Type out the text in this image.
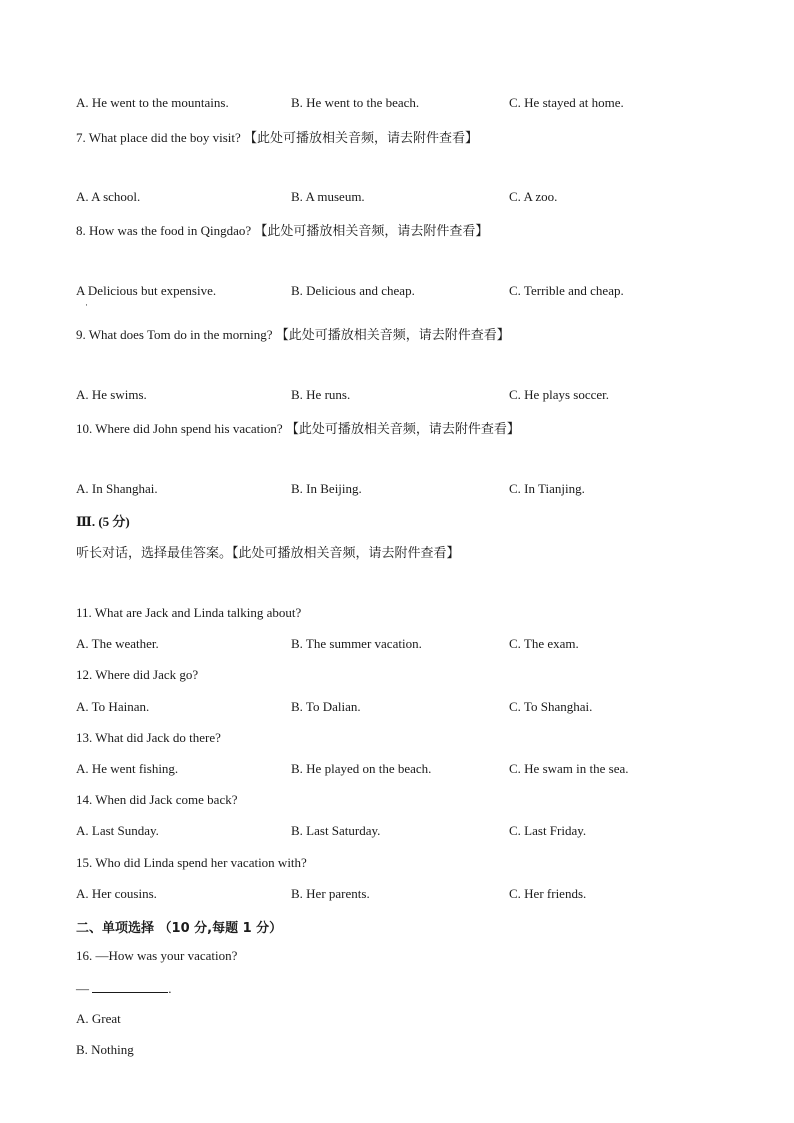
A. He went to the mountains.	B. He went to the beach.	C. He stayed at home.
7. What place did the boy visit? 【此处可播放相关音频，请去附件查看】
A. A school.	B. A museum.	C. A zoo.
8. How was the food in Qingdao? 【此处可播放相关音频，请去附件查看】
A Delicious but expensive.
·
B. Delicious and cheap.	C. Terrible and cheap.
9. What does Tom do in the morning? 【此处可播放相关音频，请去附件查看】
A. He swims.	B. He runs.	C. He plays soccer.
10. Where did John spend his vacation? 【此处可播放相关音频，请去附件查看】
A. In Shanghai.	B. In Beijing.	C. In Tianjing.
Ⅲ. (5 分)
听长对话，选择最佳答案。【此处可播放相关音频，请去附件查看】
11. What are Jack and Linda talking about?
A. The weather.	B. The summer vacation.	C. The exam.
12. Where did Jack go?
A. To Hainan.	B. To Dalian.	C. To Shanghai.
13. What did Jack do there?
A. He went fishing.	B. He played on the beach.	C. He swam in the sea.
14. When did Jack come back?
A. Last Sunday.	B. Last Saturday.	C. Last Friday.
15. Who did Linda spend her vacation with?
A. Her cousins.	B. Her parents.	C. Her friends.
二、单项选择 （10 分,每题 1 分）
16. —How was your vacation?
—	.
A. Great
B. Nothing
